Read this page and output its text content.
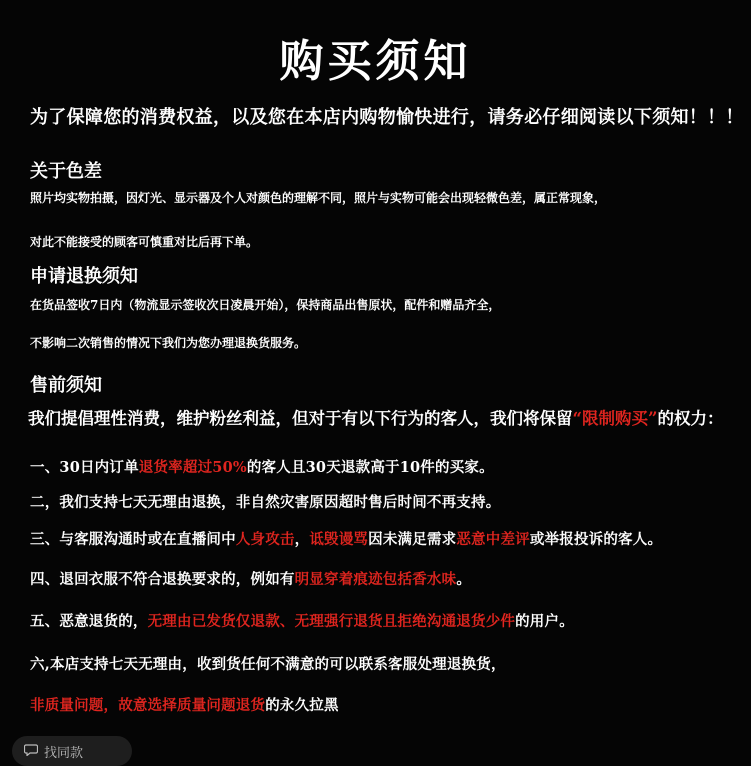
购买须知
为了保障您的消费权益，以及您在本店内购物愉快进行，请务必仔细阅读以下须知！！！
关于色差
照片均实物拍摄，因灯光、显示器及个人对颜色的理解不同，照片与实物可能会出现轻微色差，属正常现象，
对此不能接受的顾客可慎重对比后再下单。
申请退换须知
在货品签收7日内（物流显示签收次日凌晨开始），保持商品出售原状，配件和赠品齐全，
不影响二次销售的情况下我们为您办理退换货服务。
售前须知
我们提倡理性消费，维护粉丝利益，但对于有以下行为的客人，我们将保留“限制购买”的权力：
一、30日内订单退货率超过50%的客人且30天退款高于10件的买家。
二，我们支持七天无理由退换，非自然灾害原因超时售后时间不再支持。
三、与客服沟通时或在直播间中人身攻击，诋毁谩骂因未满足需求恶意中差评或举报投诉的客人。
四、退回衣服不符合退换要求的，例如有明显穿着痕迹包括香水味。
五、恶意退货的，无理由已发货仅退款、无理强行退货且拒绝沟通退货少件的用户。
六,本店支持七天无理由，收到货任何不满意的可以联系客服处理退换货，
非质量问题，故意选择质量问题退货的永久拉黑
找同款
